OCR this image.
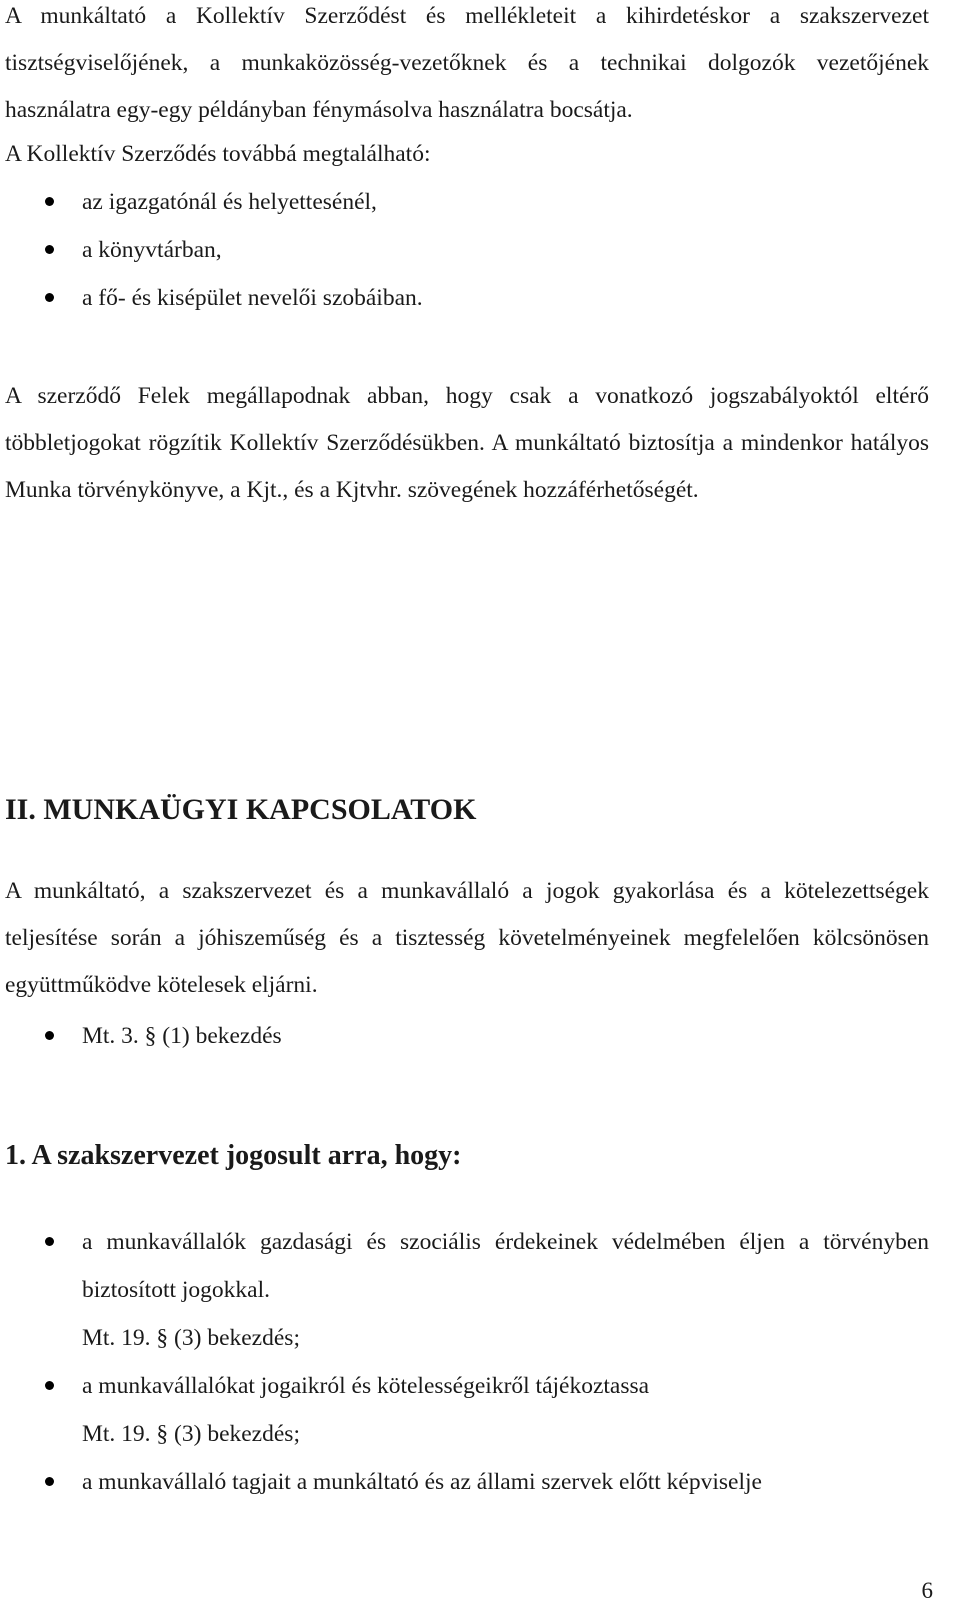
A munkáltató a Kollektív Szerződést és mellékleteit a kihirdetéskor a szakszervezet tisztségviselőjének, a munkaközösség-vezetőknek és a technikai dolgozók vezetőjének használatra egy-egy példányban fénymásolva használatra bocsátja.

A Kollektív Szerződés továbbá megtalálható:
az igazgatónál és helyettesénél,
a könyvtárban,
a fő- és kisépület nevelői szobáiban.

A szerződő Felek megállapodnak abban, hogy csak a vonatkozó jogszabályoktól eltérő többletjogokat rögzítik Kollektív Szerződésükben. A munkáltató biztosítja a mindenkor hatályos Munka törvénykönyve, a Kjt., és a Kjtvhr. szövegének hozzáférhetőségét.

II. MUNKAÜGYI KAPCSOLATOK

A munkáltató, a szakszervezet és a munkavállaló a jogok gyakorlása és a kötelezettségek teljesítése során a jóhiszeműség és a tisztesség követelményeinek megfelelően kölcsönösen együttműködve kötelesek eljárni.

Mt. 3. § (1) bekezdés
1. A szakszervezet jogosult arra, hogy:
a munkavállalók gazdasági és szociális érdekeinek védelmében éljen a törvényben biztosított jogokkal.
Mt. 19. § (3) bekezdés;
a munkavállalókat jogaikról és kötelességeikről tájékoztassa
Mt. 19. § (3) bekezdés;
a munkavállaló tagjait a munkáltató és az állami szervek előtt képviselje
6
